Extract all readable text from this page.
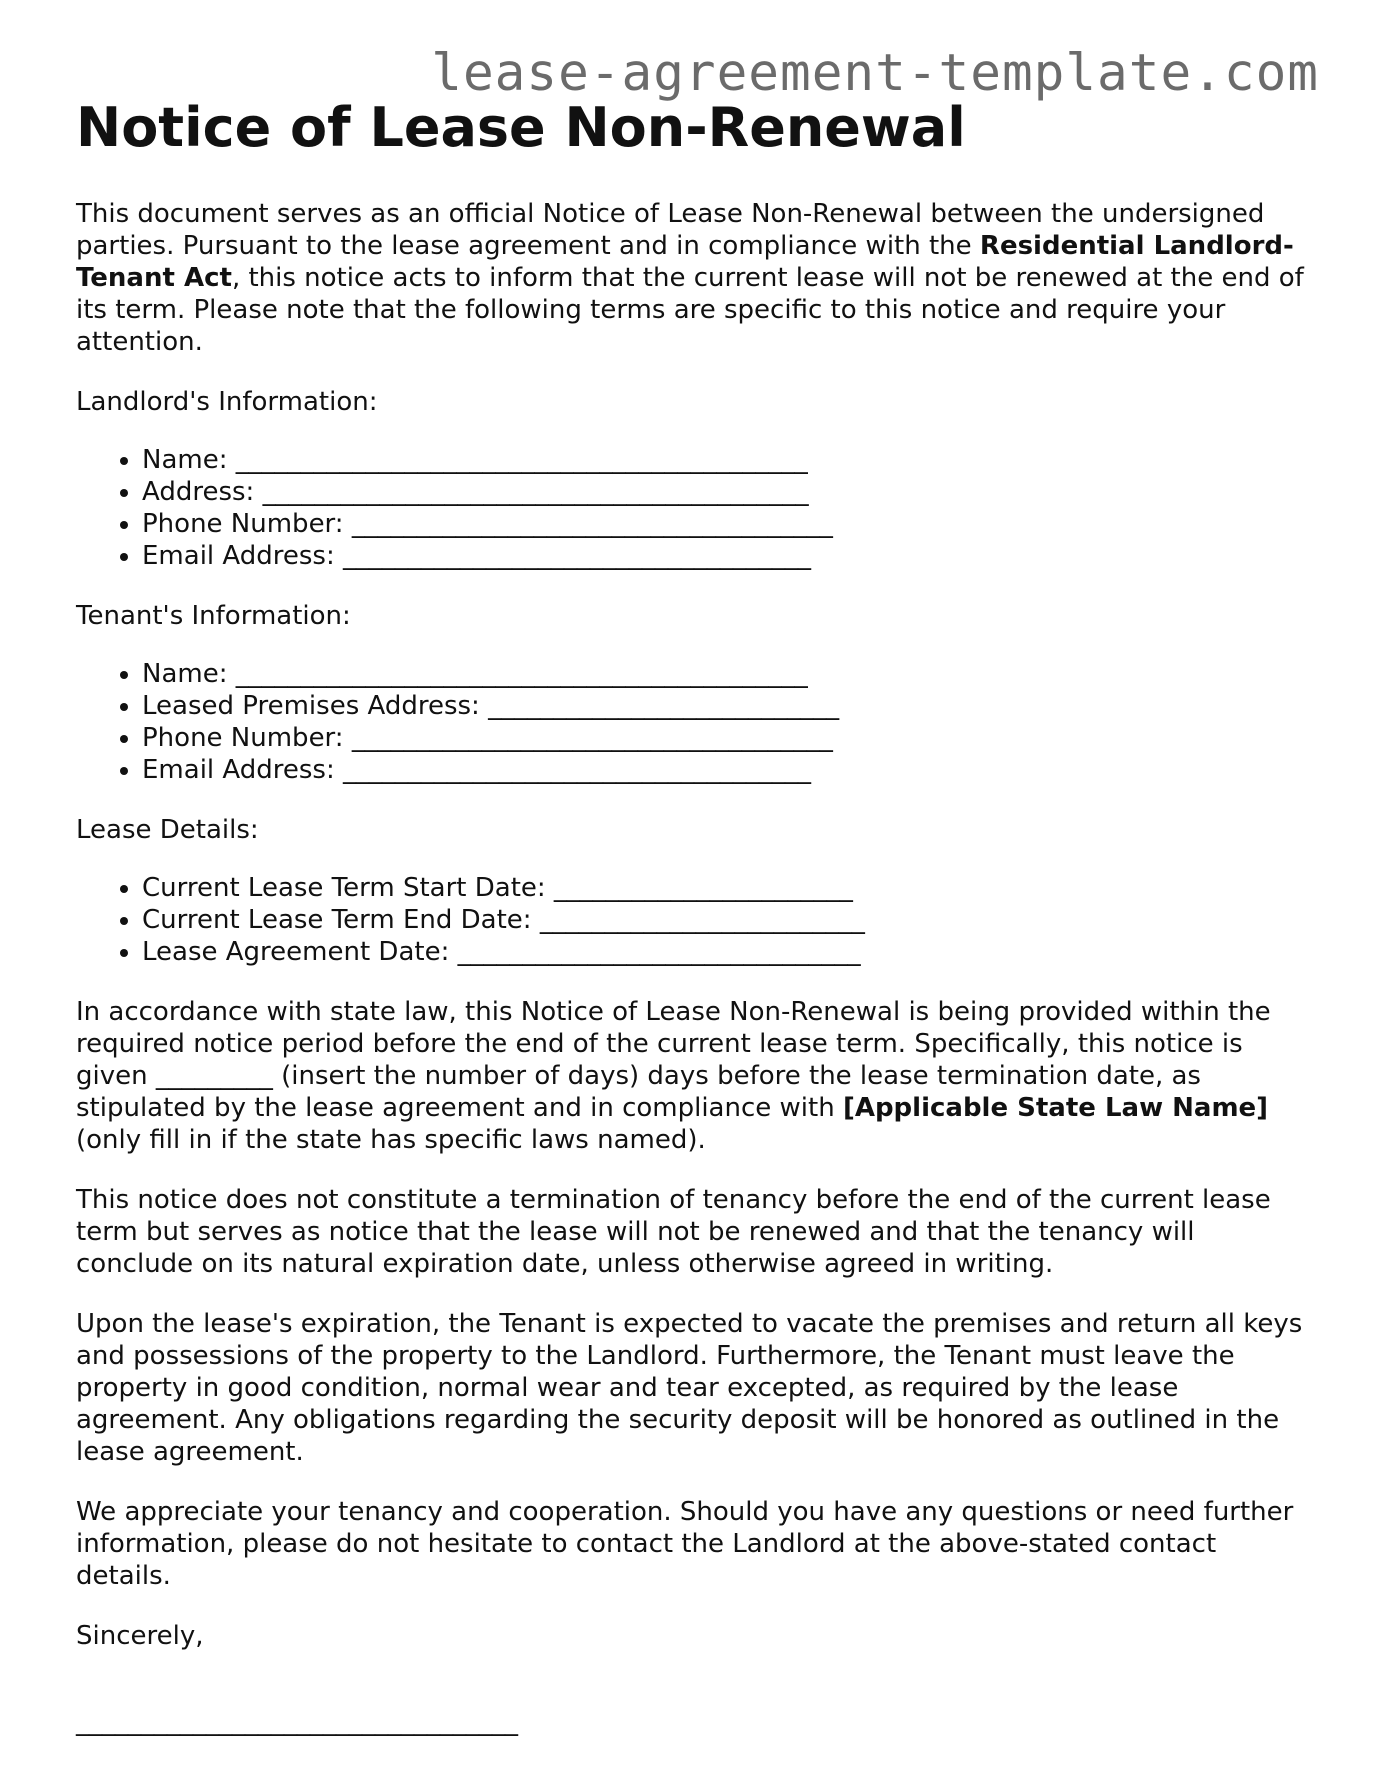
lease-agreement-template.com
Notice of Lease Non-Renewal

This document serves as an official Notice of Lease Non-Renewal between the undersigned parties. Pursuant to the lease agreement and in compliance with the Residential Landlord-Tenant Act, this notice acts to inform that the current lease will not be renewed at the end of its term. Please note that the following terms are specific to this notice and require your attention.

Landlord's Information:

• Name: ____________________________________________
• Address: __________________________________________
• Phone Number: _____________________________________
• Email Address: ____________________________________

Tenant's Information:

• Name: ____________________________________________
• Leased Premises Address: ___________________________
• Phone Number: _____________________________________
• Email Address: ____________________________________

Lease Details:

• Current Lease Term Start Date: _______________________
• Current Lease Term End Date: _________________________
• Lease Agreement Date: _______________________________

In accordance with state law, this Notice of Lease Non-Renewal is being provided within the required notice period before the end of the current lease term. Specifically, this notice is given _________ (insert the number of days) days before the lease termination date, as stipulated by the lease agreement and in compliance with [Applicable State Law Name] (only fill in if the state has specific laws named).

This notice does not constitute a termination of tenancy before the end of the current lease term but serves as notice that the lease will not be renewed and that the tenancy will conclude on its natural expiration date, unless otherwise agreed in writing.

Upon the lease's expiration, the Tenant is expected to vacate the premises and return all keys and possessions of the property to the Landlord. Furthermore, the Tenant must leave the property in good condition, normal wear and tear excepted, as required by the lease agreement. Any obligations regarding the security deposit will be honored as outlined in the lease agreement.

We appreciate your tenancy and cooperation. Should you have any questions or need further information, please do not hesitate to contact the Landlord at the above-stated contact details.

Sincerely,

__________________________________
